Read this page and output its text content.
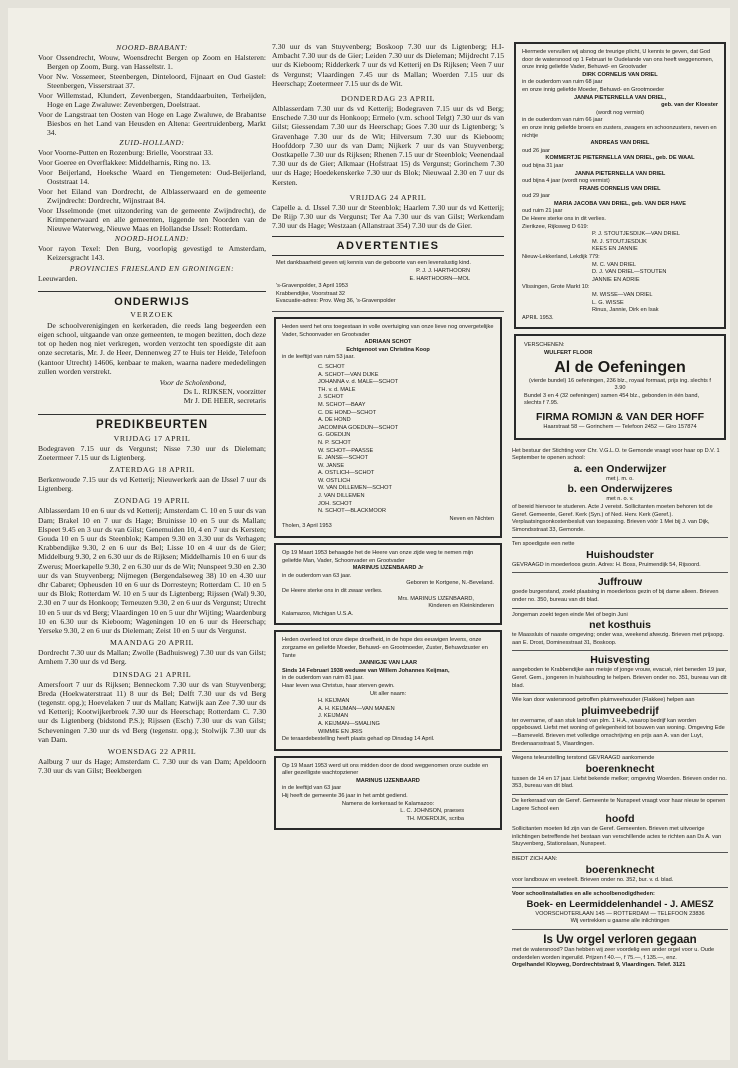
NOORD-BRABANT:

Voor Ossendrecht, Wouw, Woensdrecht Bergen op Zoom en Halsteren: Bergen op Zoom, Burg. van Hasseltstr. 1.

Voor Nw. Vossemeer, Steenbergen, Dinteloord, Fijnaart en Oud Gastel: Steenbergen, Visserstraat 37.

Voor Willemstad, Klundert, Zevenbergen, Standdaarbuiten, Terheijden, Hoge en Lage Zwaluwe: Zevenbergen, Doelstraat.

Voor de Langstraat ten Oosten van Hoge en Lage Zwaluwe, de Brabantse Biesbos en het Land van Heusden en Altena: Geertruidenberg, Markt 34.

ZUID-HOLLAND:

Voor Voorne-Putten en Rozenburg: Brielle, Voorstraat 33.

Voor Goeree en Overflakkee: Middelharnis, Ring no. 13.

Voor Beijerland, Hoeksche Waard en Tiengemeten: Oud-Beijerland, Ooststraat 14.

Voor het Eiland van Dordrecht, de Alblasserwaard en de gemeente Zwijndrecht: Dordrecht, Wijnstraat 84.

Voor IJsselmonde (met uitzondering van de gemeente Zwijndrecht), de Krimpenerwaard en alle gemeenten, liggende ten Noorden van de Nieuwe Waterweg, Nieuwe Maas en Hollandse IJssel: Rotterdam.

NOORD-HOLLAND:

Voor rayon Texel: Den Burg, voorlopig gevestigd te Amsterdam, Keizersgracht 143.

PROVINCIES FRIESLAND EN GRONINGEN:

Leeuwarden.

ONDERWIJS
VERZOEK

De schoolverenigingen en kerkeraden, die reeds lang begeerden een eigen school, uitgaande van onze gemeenten, te mogen bezitten, doch deze tot op heden nog niet verkregen, worden verzocht ten spoedigste dit aan onze secretaris, Mr. J. de Heer, Dennenweg 27 te Huis ter Heide, Telefoon (kantoor Utrecht) 14606, kenbaar te maken, waarna nadere mededelingen zullen worden verstrekt.

Voor de Scholenbond,
Ds L. RIJKSEN, voorzitter
Mr J. DE HEER, secretaris
PREDIKBEURTEN
VRIJDAG 17 APRIL
Bodegraven 7.15 uur ds Vergunst; Nisse 7.30 uur ds Dieleman; Zoetermeer 7.15 uur ds Ligtenberg.
ZATERDAG 18 APRIL
Berkenwoude 7.15 uur ds vd Ketterij; Nieuwerkerk aan de IJssel 7 uur ds Ligtenberg.
ZONDAG 19 APRIL
Alblasserdam 10 en 6 uur ds vd Ketterij; Amsterdam C. 10 en 5 uur ds van Dam; Brakel 10 en 7 uur ds Hage; Bruinisse 10 en 5 uur ds Mallan; Elspeet 9.45 en 3 uur ds van Gilst; Genemuiden 10, 4 en 7 uur ds Kersten; Gouda 10 en 5 uur ds Steenblok; Kampen 9.30 en 3.30 uur ds Verhagen; Krabbendijke 9.30, 2 en 6 uur ds Bel; Lisse 10 en 4 uur ds de Gier; Middelburg 9.30, 2 en 6.30 uur ds de Rijksen; Middelharnis 10 en 6 uur ds Zwerus; Moerkapelle 9.30, 2 en 6.30 uur ds de Wit; Nunspeet 9.30 en 2.30 uur ds van Stuyvenberg; Nijmegen (Bergendalseweg 38) 10 en 4.30 uur dhr Cabaret; Opheusden 10 en 6 uur ds Dorresteyn; Rotterdam C. 10 en 5 uur ds Blok; Rotterdam W. 10 en 5 uur ds Ligtenberg; Rijssen (Wal) 9.30, 2.30 en 7 uur ds Honkoop; Terneuzen 9.30, 2 en 6 uur ds Vergunst; Utrecht 10 en 5 uur ds vd Berg; Vlaardingen 10 en 5 uur dhr Wijting; Waardenburg 10 en 6.30 uur ds Kieboom; Wageningen 10 en 6 uur ds Heerschap; Yerseke 9.30, 2 en 6 uur ds Dieleman; Zeist 10 en 5 uur ds Vergunst.
MAANDAG 20 APRIL
Dordrecht 7.30 uur ds Mallan; Zwolle (Badhuisweg) 7.30 uur ds van Gilst; Arnhem 7.30 uur ds vd Berg.
DINSDAG 21 APRIL
Amersfoort 7 uur ds Rijksen; Benneckom 7.30 uur ds van Stuyvenberg; Breda (Hoekwaterstraat 11) 8 uur ds Bel; Delft 7.30 uur ds vd Berg (tegenstr. opg.); Hoevelaken 7 uur ds Mallan; Katwijk aan Zee 7.30 uur ds vd Ketterij; Kootwijkerbroek 7.30 uur ds Heerschap; Rotterdam C. 7.30 uur ds Ligtenberg (bidstond P.S.); Rijssen (Esch) 7.30 uur ds van Gilst; Scheveningen 7.30 uur ds vd Berg (tegenstr. opg.); Stolwijk 7.30 uur ds van Dam.
WOENSDAG 22 APRIL
Aalburg 7 uur ds Hage; Amsterdam C. 7.30 uur ds van Dam; Apeldoorn 7.30 uur ds van Gilst; Beekbergen
7.30 uur ds van Stuyvenberg; Boskoop 7.30 uur ds Ligtenberg; H.I-Ambacht 7.30 uur ds de Gier; Leiden 7.30 uur ds Dieleman; Mijdrecht 7.15 uur ds Kieboom; Ridderkerk 7 uur ds vd Ketterij en Ds Rijksen; Veen 7 uur ds Vergunst; Vlaardingen 7.45 uur ds Mallan; Woerden 7.15 uur ds Heerschap; Zoetermeer 7.15 uur ds de Wit.
DONDERDAG 23 APRIL
Alblasserdam 7.30 uur ds vd Ketterij; Bodegraven 7.15 uur ds vd Berg; Enschede 7.30 uur ds Honkoop; Ermelo (v.m. school Telgt) 7.30 uur ds van Gilst; Giessendam 7.30 uur ds Heerschap; Goes 7.30 uur ds Ligtenberg; 's Gravenhage 7.30 uur ds de Wit; Hilversum 7.30 uur ds Kieboom; Hoofddorp 7.30 uur ds van Dam; Nijkerk 7 uur ds van Stuyvenberg; Oostkapelle 7.30 uur ds Rijksen; Rhenen 7.15 uur dr Steenblok; Veenendaal 7.30 uur ds de Gier; Alkmaar (Hofstraat 15) ds Vergunst; Gorinchem 7.30 uur ds Hage; Hoedekenskerke 7.30 uur ds Blok; Nieuwaal 2.30 en 7 uur ds Kersten.
VRIJDAG 24 APRIL
Capelle a. d. IJssel 7.30 uur dr Steenblok; Haarlem 7.30 uur ds vd Ketterij; De Rijp 7.30 uur ds Vergunst; Ter Aa 7.30 uur ds van Gilst; Werkendam 7.30 uur ds Hage; Westzaan (Allanstraat 354) 7.30 uur ds de Gier.
ADVERTENTIES
Met dankbaarheid geven wij kennis van de geboorte van een levenslustig kind.
P. J. J. HARTHOORN
E. HARTHOORN—MOL
's-Gravenpolder, 3 April 1953
Krabbendijke, Voorstraat 32
Evacuatie-adres: Prov. Weg 36, 's-Gravenpolder
Heden werd het ons toegestaan in volle overtuiging van onze lieve nog onvergetelijke Vader, Schoonvader en Grootvader
ADRIAAN SCHOT
Echtgenoot van Christina Koop
in de leeftijd van ruim 53 jaar.
C. SCHOT
A. SCHOT—VAN DIJKE
JOHANNA v. d. MALE—SCHOT
TH. v. d. MALE
J. SCHOT
M. SCHOT—BAAY
C. DE HOND—SCHOT
A. DE HOND
JACOMINA GOEDIJN—SCHOT
G. GOEDIJN
N. P. SCHOT
W. SCHOT—PAASSE
E. JANSE—SCHOT
W. JANSE
A. OSTLICH—SCHOT
W. OSTLICH
W. VAN DILLEMEN—SCHOT
J. VAN DILLEMEN
JOH. SCHOT
N. SCHOT—BLACKMOOR
Neven en Nichten
Tholen, 3 April 1953
Op 19 Maart 1953 behaagde het de Heere van onze zijde weg te nemen mijn geliefde Man, Vader, Schoonvader en Grootvader
MARINUS IJZENBAARD Jr
in de ouderdom van 63 jaar.
Geboren te Kortgene, N.-Beveland.
De Heere sterke ons in dit zwaar verlies.
Mrs. MARINUS IJZENBAARD,
Kinderen en Kleinkinderen
Kalamazoo, Michigan U.S.A.
Heden overleed tot onze diepe droefheid, in de hope des eeuwigen levens, onze zorgzame en geliefde Moeder, Behuwd- en Grootmoeder, Zuster, Behuwdzuster en Tante
JANNIGJE VAN LAAR
Sinds 14 Februari 1938 weduwe van Willem Johannes Keijman,
in de ouderdom van ruim 81 jaar.
Haar leven was Christus, haar sterven gewin.
Uit aller naam:
H. KEIJMAN
A. H. KEIJMAN—VAN MANEN
J. KEIJMAN
A. KEIJMAN—SMALING
WIMMIE EN JRIS
De teraardebestelling heeft plaats gehad op Dinsdag 14 April.
Op 19 Maart 1953 werd uit ons midden door de dood weggenomen onze oudste en aller gezelligste wachtopziener
MARINUS IJZENBAARD
in de leeftijd van 63 jaar
Hij heeft de gemeente 36 jaar in het ambt gediend.
Namens de kerkeraad te Kalamazoo:
L. C. JOHNSON, praeses
TH. MOERDIJK, scriba
Hiermede vervullen wij alsnog de treurige plicht, U kennis te geven, dat God door de watersnood op 1 Februari te Oudelande van ons heeft weggenomen, onze innig geliefde Vader, Behuwd- en Grootvader
DIRK CORNELIS VAN DRIEL
in de ouderdom van ruim 68 jaar
en onze innig geliefde Moeder, Behuwd- en Grootmoeder
JANNA PIETERNELLA VAN DRIEL,
geb. van der Kloester
(wordt nog vermist)
in de ouderdom van ruim 66 jaar
en onze innig geliefde broers en zusters, zwagers en schoonzusters, neven en nichtje
ANDREAS VAN DRIEL
oud 26 jaar
KOMMERTJE PIETERNELLA VAN DRIEL, geb. DE WAAL
oud bijna 31 jaar
JANNA PIETERNELLA VAN DRIEL
oud bijna 4 jaar (wordt nog vermist)
FRANS CORNELIS VAN DRIEL
oud 29 jaar
MARIA JACOBA VAN DRIEL, geb. VAN DER HAVE
oud ruim 21 jaar
De Heere sterke ons in dit verlies.
Zierikzee, Rijksweg D 619:
P. J. STOUTJESDIJK—VAN DRIEL
M. J. STOUTJESDIJK
KEES EN JANNIE
Nieuw-Lekkerland, Lekdijk 779:
M. C. VAN DRIEL
D. J. VAN DRIEL—STOUTEN
JANNIE EN ADRIE
Vlissingen, Grote Markt 10:
M. WISSE—VAN DRIEL
L. G. WISSE
Rinus, Jannie, Dirk en Isak
APRIL 1953.
VERSCHENEN:
WULFERT FLOOR
Al de Oefeningen
(vierde bundel) 16 oefeningen, 236 blz., royaal formaat, prijs ing. slechts f 3.90
Bundel 3 en 4 (32 oefeningen) samen 454 blz., gebonden in één band, slechts f 7.95.
FIRMA ROMIJN & VAN DER HOFF
Haarstraat 58 — Gorinchem — Telefoon 2452 — Giro 157874
Het bestuur der Stichting voor Chr. V.G.L.O. te Gemonde vraagt voor haar op D.V. 1 September te openen school:
a. een Onderwijzer
met j. m. o.
b. een Onderwijzeres
met n. o. v.
of bereid hiervoor te studeren. Acte J vereist. Sollicitanten moeten behoren tot de Geref. Gemeente, Geref. Kerk (Syn.) of Ned. Herv. Kerk (Geref.). Verplaatsingsonkostenbesluit van toepassing. Brieven vóór 1 Mei bij J. van Dijk, Simondsstraat 33, Gemonde.
Ten spoedigste een nette
Huishoudster
GEVRAAGD in moederloos gezin. Adres: H. Boss, Pruimendijk 54, Rijsoord.
Juffrouw
goede burgerstand, zoekt plaatsing in moederloos gezin of bij dame alleen. Brieven onder no. 350, bureau van dit blad.
Jongeman zoekt tegen einde Mei of begin Juni
net kosthuis
te Maassluis of naaste omgeving; onder was, weekend afwezig. Brieven met prijsopg. aan E. Drost, Dominesstraat 31, Boskoop.
Huisvesting
aangeboden te Krabbendijke aan meisje of jonge vrouw, evacué, niet beneden 19 jaar, Geref. Gem., jongeren in huishouding te helpen. Brieven onder no. 351, bureau van dit blad.
Wie kan door watersnood getroffen pluimveehouder (Flakkee) helpen aan
pluimveebedrijf
ter overname, of aan stuk land van plm. 1 H.A., waarop bedrijf kan worden opgebouwd. Liefst met woning of gelegenheid tot bouwen van woning. Omgeving Ede—Barneveld. Brieven met volledige omschrijving en prijs aan A. van der Luyt, Bredenaarsstraat 5, Vlaardingen.
Wegens teleurstelling terstond GEVRAAGD aankomende
boerenknecht
tussen de 14 en 17 jaar. Liefst bekende melker; omgeving Woerden. Brieven onder no. 353, bureau van dit blad.
De kerkeraad van de Geref. Gemeente te Nunspeet vraagt voor haar nieuw te openen Lagere School een
hoofd
Sollicitanten moeten lid zijn van de Geref. Gemeenten. Brieven met uitvoerige inlichtingen betreffende het bestaan van verschillende actes te richten aan Ds A. van Stuyvenberg, Stationslaan, Nunspeet.
BIEDT ZICH AAN:
boerenknecht
voor landbouw en veeteelt. Brieven onder no. 352, bur. v. d. blad.
Voor schoolinstallaties en alle schoolbenodigdheden:
Boek- en Leermiddelenhandel - J. AMESZ
VOORSCHOTERLAAN 145 — ROTTERDAM — TELEFOON 23836
Wij vertrekken u gaarne alle inlichtingen
Is Uw orgel verloren gegaan
met de watersnood? Dan hebben wij zeer voordelig een ander orgel voor u. Oude onderdelen worden ingeruild. Prijzen f 40.—, f 75.—, f 135.—, enz.
Orgelhandel Kloyweg, Dordrechtstraat 9, Vlaardingen. Telef. 3121
